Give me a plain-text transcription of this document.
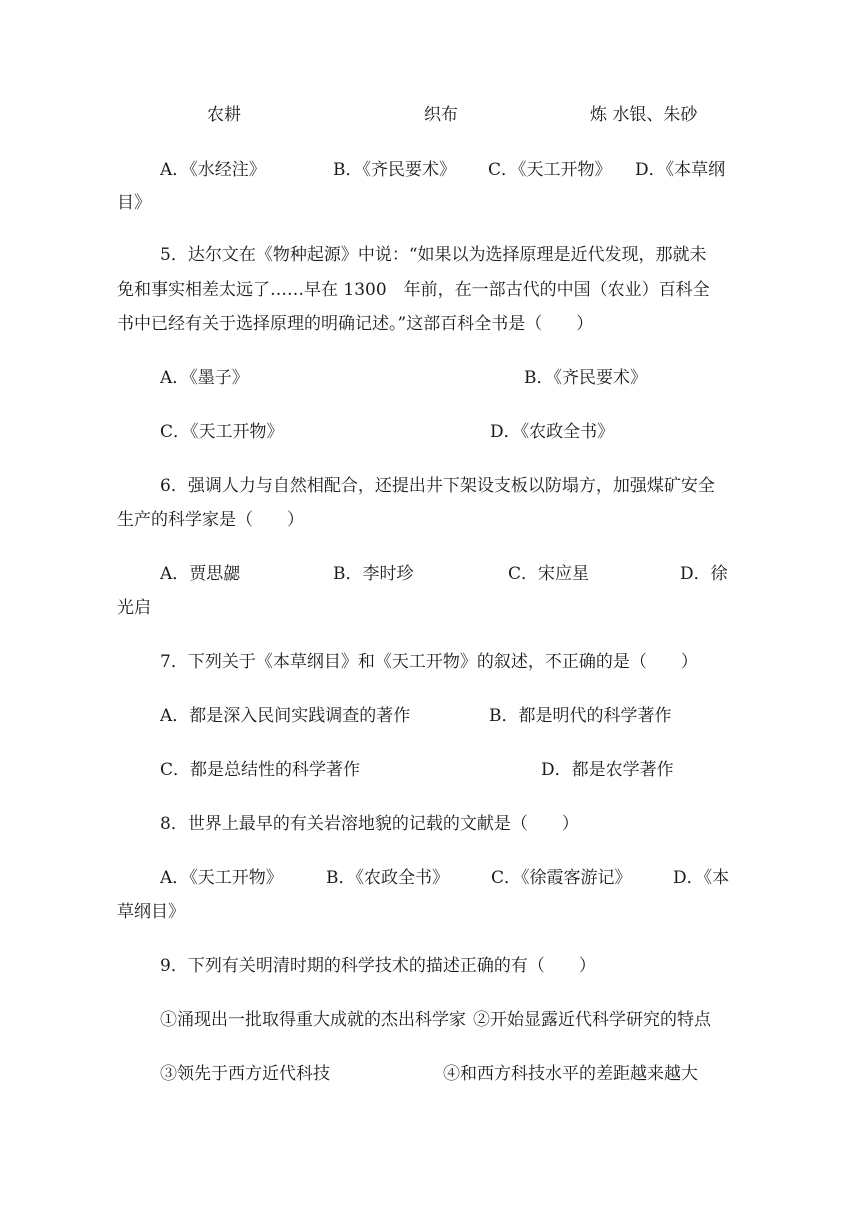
农耕	织布	炼 水银、朱砂
A．《水经注》	B．《齐民要术》 C．《天工开物》 D．《本草纲
目》
5．达尔文在《物种起源》中说：“如果以为选择原理是近代发现，那就未
免和事实相差太远了……早在 1300　年前，在一部古代的中国（农业）百科全
书中已经有关于选择原理的明确记述。”这部百科全书是（　　）
A．《墨子》	B．《齐民要术》
C．《天工开物》	D．《农政全书》
6．强调人力与自然相配合，还提出井下架设支板以防塌方，加强煤矿安全
生产的科学家是（　　）
A．贾思勰	B．李时珍	C．宋应星	D．徐
光启
7．下列关于《本草纲目》和《天工开物》的叙述，不正确的是（　　）
A．都是深入民间实践调查的著作	B．都是明代的科学著作
C．都是总结性的科学著作	D．都是农学著作
8．世界上最早的有关岩溶地貌的记载的文献是（　　）
A．《天工开物》	B．《农政全书》 C．《徐霞客游记》 D．《本
草纲目》
9．下列有关明清时期的科学技术的描述正确的有（　　）
①涌现出一批取得重大成就的杰出科学家 ②开始显露近代科学研究的特点
③领先于西方近代科技	④和西方科技水平的差距越来越大
